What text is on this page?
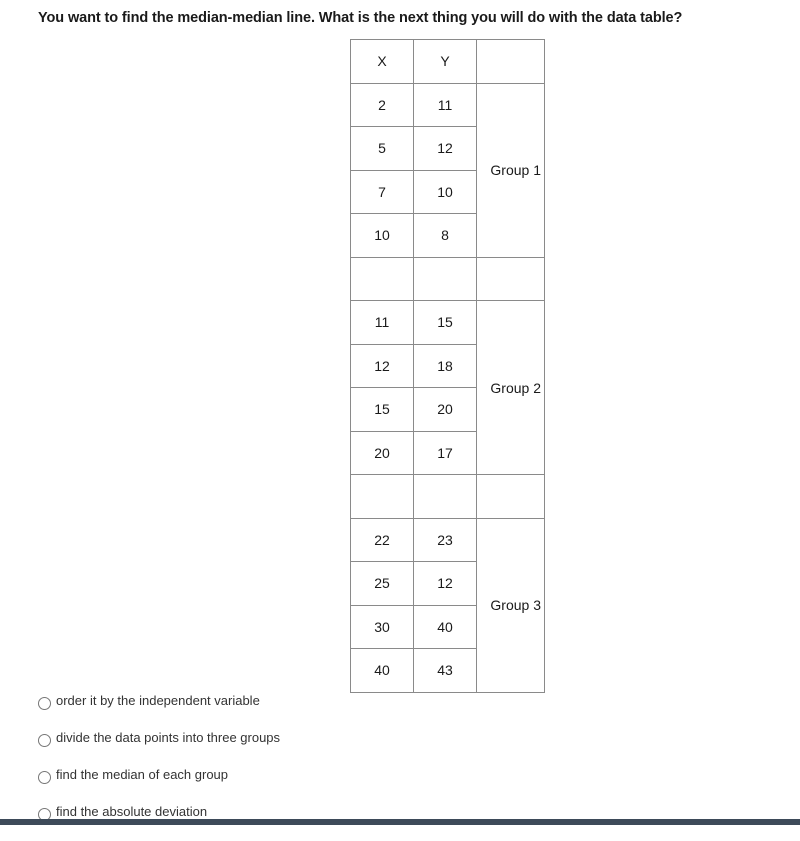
You want to find the median-median line. What is the next thing you will do with the data table?
X	Y	
2	11	Group 1
5	12	
7	10	
10	8	

11	15	Group 2
12	18	
15	20	
20	17	

22	23	Group 3
25	12	
30	40	
40	43	
order it by the independent variable
divide the data points into three groups
find the median of each group
find the absolute deviation
